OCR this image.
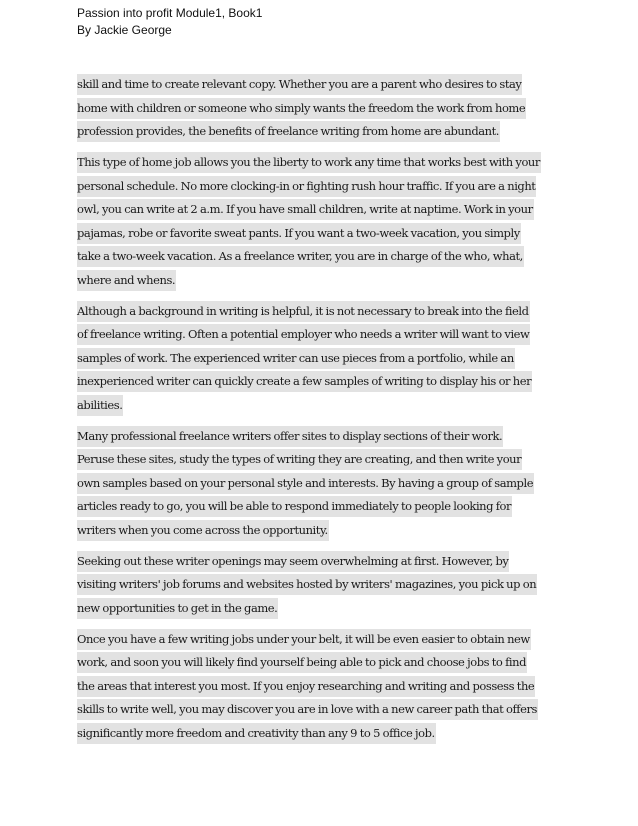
Passion into profit Module1, Book1
By Jackie George
skill and time to create relevant copy. Whether you are a parent who desires to stay
home with children or someone who simply wants the freedom the work from home
profession provides, the benefits of freelance writing from home are abundant.
This type of home job allows you the liberty to work any time that works best with your
personal schedule. No more clocking-in or fighting rush hour traffic. If you are a night
owl, you can write at 2 a.m. If you have small children, write at naptime. Work in your
pajamas, robe or favorite sweat pants. If you want a two-week vacation, you simply
take a two-week vacation. As a freelance writer, you are in charge of the who, what,
where and whens.
Although a background in writing is helpful, it is not necessary to break into the field
of freelance writing. Often a potential employer who needs a writer will want to view
samples of work. The experienced writer can use pieces from a portfolio, while an
inexperienced writer can quickly create a few samples of writing to display his or her
abilities.
Many professional freelance writers offer sites to display sections of their work.
Peruse these sites, study the types of writing they are creating, and then write your
own samples based on your personal style and interests. By having a group of sample
articles ready to go, you will be able to respond immediately to people looking for
writers when you come across the opportunity.
Seeking out these writer openings may seem overwhelming at first. However, by
visiting writers' job forums and websites hosted by writers' magazines, you pick up on
new opportunities to get in the game.
Once you have a few writing jobs under your belt, it will be even easier to obtain new
work, and soon you will likely find yourself being able to pick and choose jobs to find
the areas that interest you most. If you enjoy researching and writing and possess the
skills to write well, you may discover you are in love with a new career path that offers
significantly more freedom and creativity than any 9 to 5 office job.
